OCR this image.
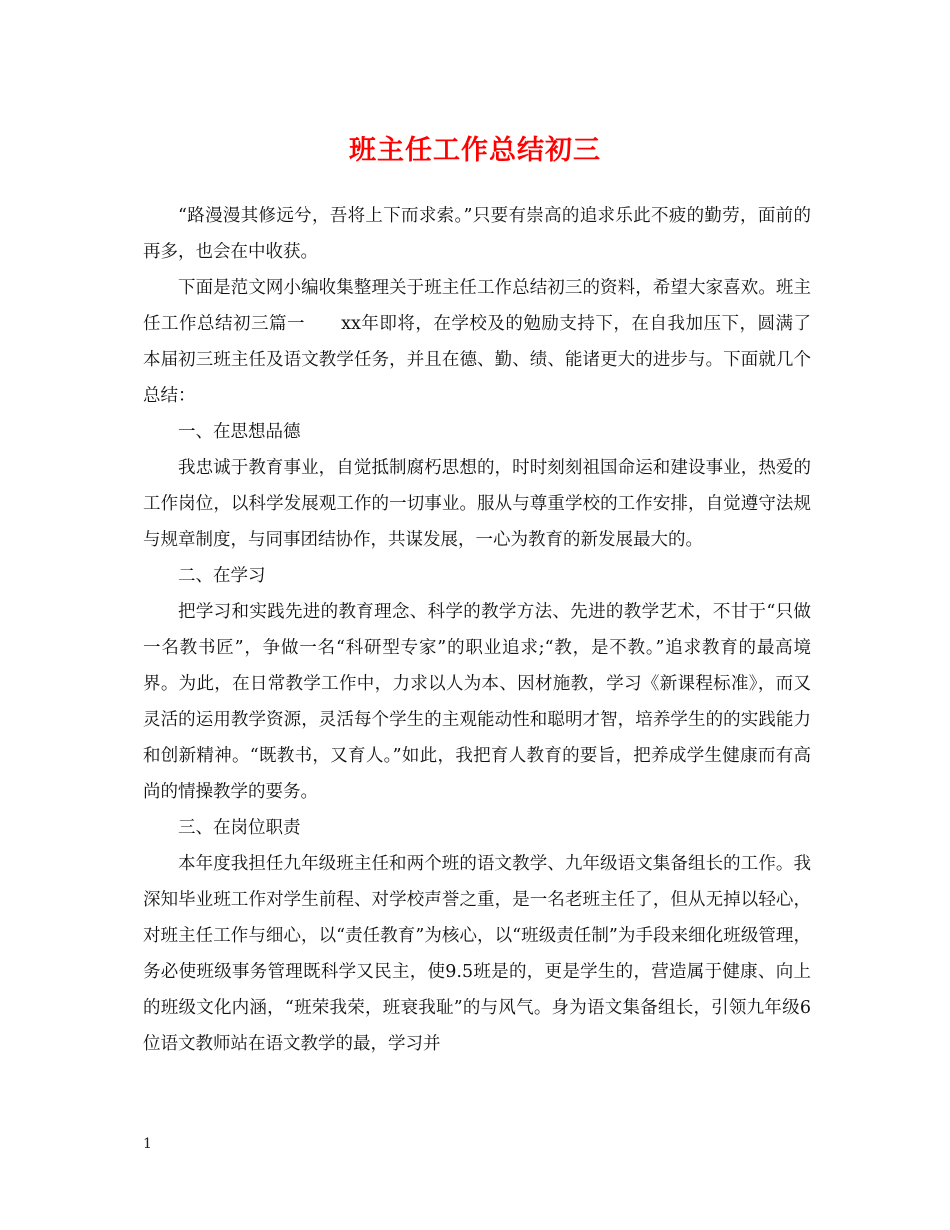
班主任工作总结初三

“路漫漫其修远兮，吾将上下而求索。”只要有崇高的追求乐此不疲的勤劳，面前的再多，也会在中收获。

下面是范文网小编收集整理关于班主任工作总结初三的资料，希望大家喜欢。班主任工作总结初三篇一 xx年即将，在学校及的勉励支持下，在自我加压下，圆满了本届初三班主任及语文教学任务，并且在德、勤、绩、能诸更大的进步与。下面就几个总结：

一、在思想品德

我忠诚于教育事业，自觉抵制腐朽思想的，时时刻刻祖国命运和建设事业，热爱的工作岗位，以科学发展观工作的一切事业。服从与尊重学校的工作安排，自觉遵守法规与规章制度，与同事团结协作，共谋发展，一心为教育的新发展最大的。

二、在学习

把学习和实践先进的教育理念、科学的教学方法、先进的教学艺术，不甘于“只做一名教书匠”，争做一名“科研型专家”的职业追求;“教，是不教。”追求教育的最高境界。为此，在日常教学工作中，力求以人为本、因材施教，学习《新课程标准》，而又灵活的运用教学资源，灵活每个学生的主观能动性和聪明才智，培养学生的的实践能力和创新精神。“既教书，又育人。”如此，我把育人教育的要旨，把养成学生健康而有高尚的情操教学的要务。

三、在岗位职责

本年度我担任九年级班主任和两个班的语文教学、九年级语文集备组长的工作。我深知毕业班工作对学生前程、对学校声誉之重，是一名老班主任了，但从无掉以轻心，对班主任工作与细心，以“责任教育”为核心，以“班级责任制”为手段来细化班级管理，务必使班级事务管理既科学又民主，使9.5班是的，更是学生的，营造属于健康、向上的班级文化内涵，“班荣我荣，班衰我耻”的与风气。身为语文集备组长，引领九年级6位语文教师站在语文教学的最，学习并

1
